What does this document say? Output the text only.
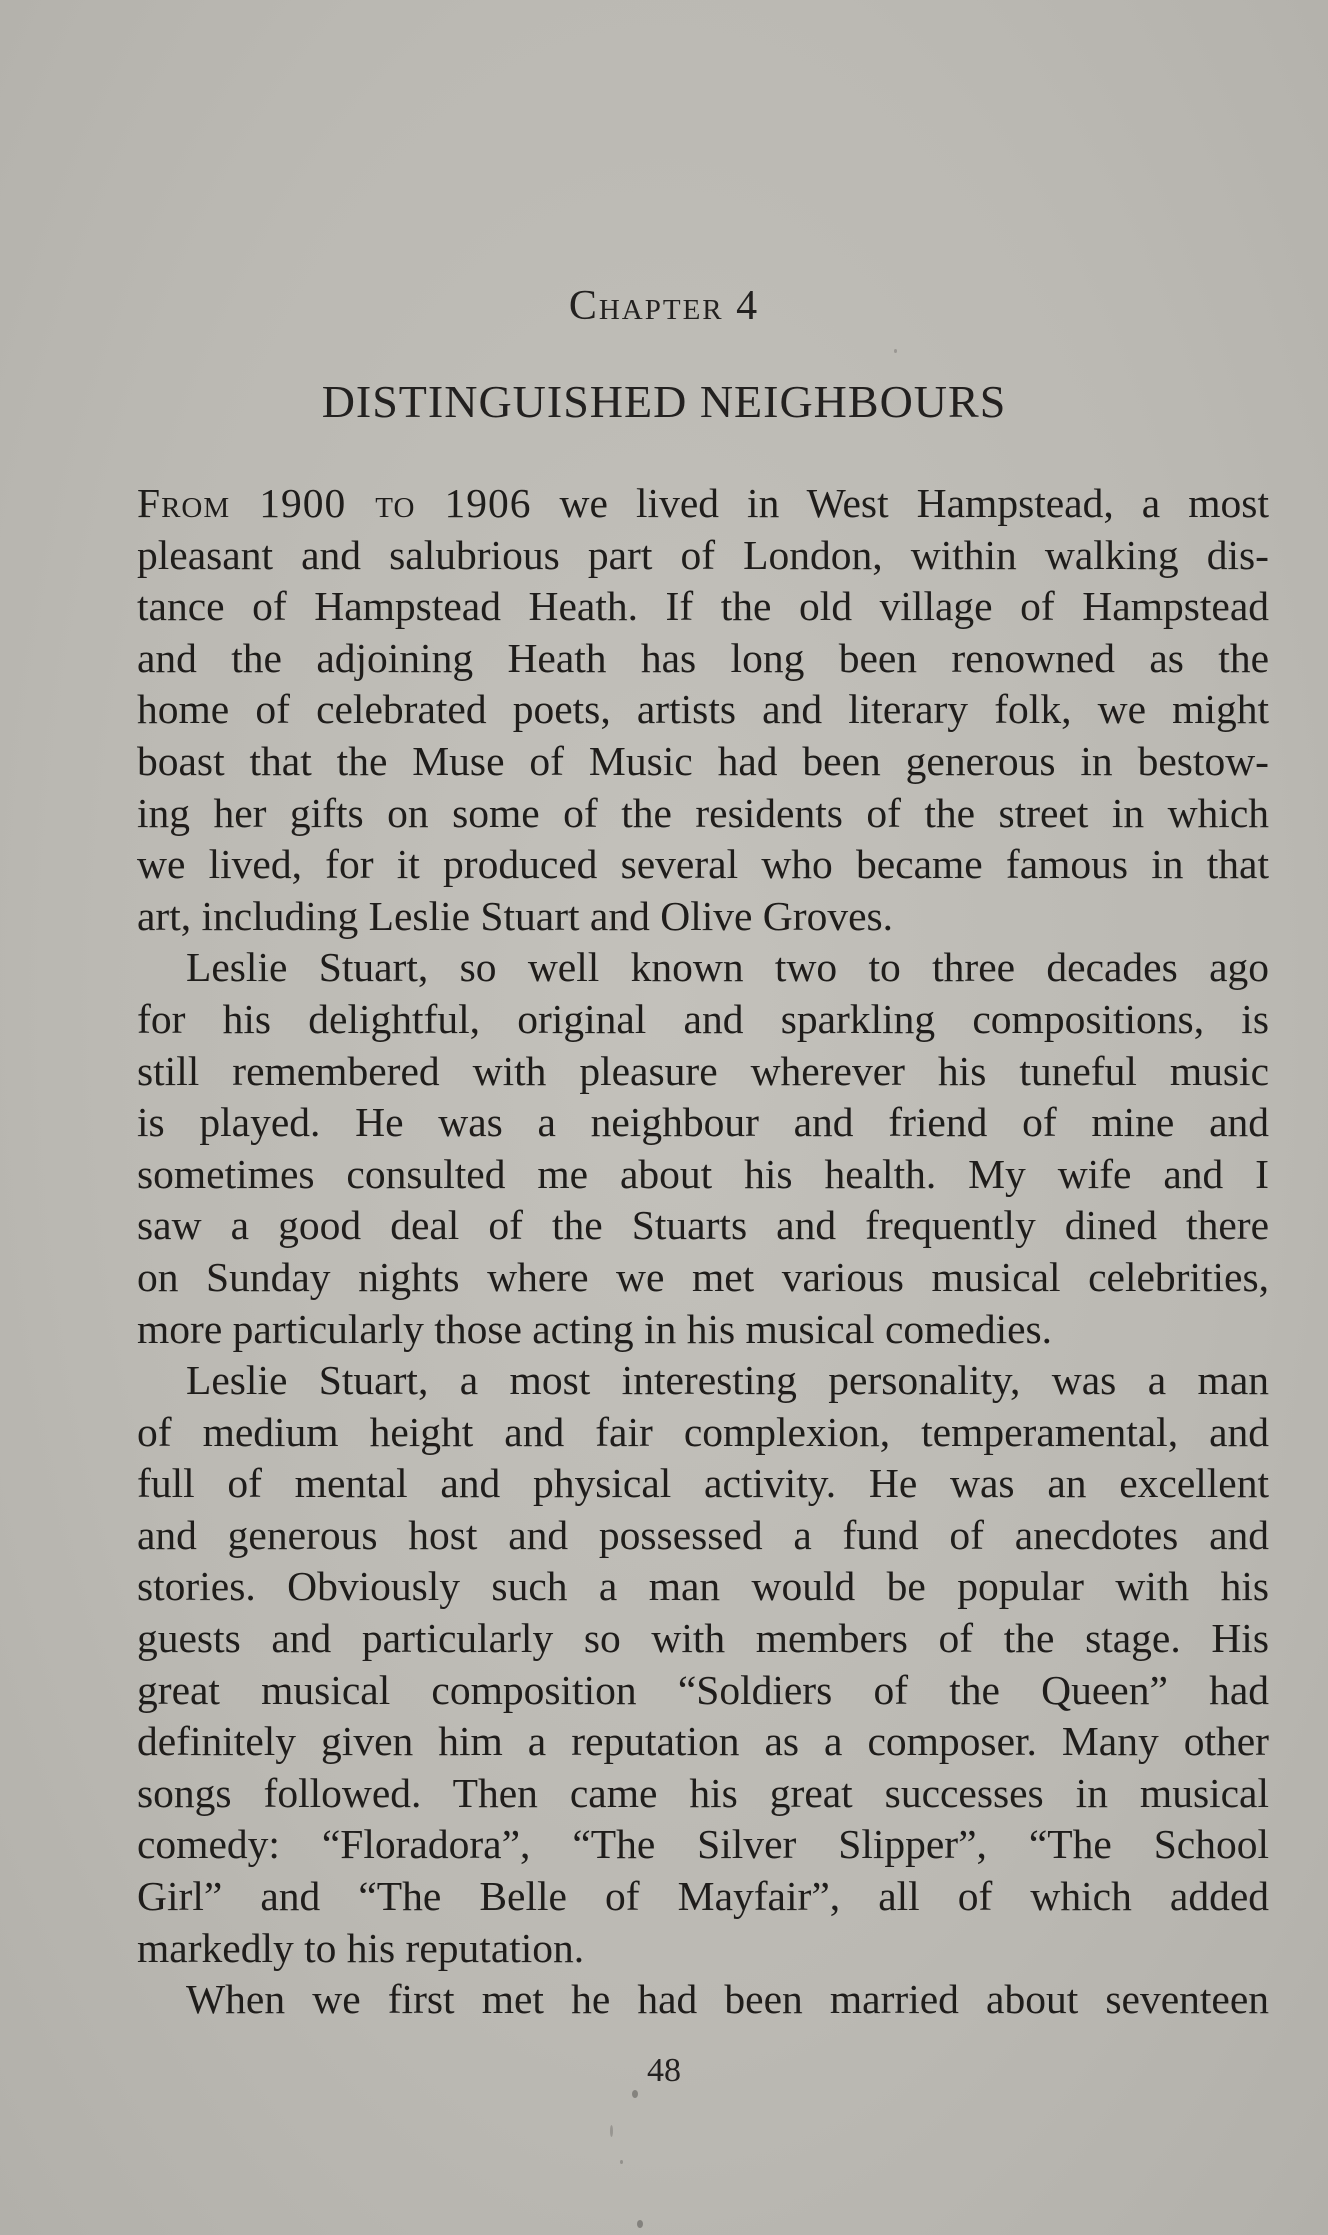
Chapter 4
DISTINGUISHED NEIGHBOURS
From 1900 to 1906 we lived in West Hampstead, a most
pleasant and salubrious part of London, within walking dis-
tance of Hampstead Heath. If the old village of Hampstead
and the adjoining Heath has long been renowned as the
home of celebrated poets, artists and literary folk, we might
boast that the Muse of Music had been generous in bestow-
ing her gifts on some of the residents of the street in which
we lived, for it produced several who became famous in that
art, including Leslie Stuart and Olive Groves.
Leslie Stuart, so well known two to three decades ago
for his delightful, original and sparkling compositions, is
still remembered with pleasure wherever his tuneful music
is played. He was a neighbour and friend of mine and
sometimes consulted me about his health. My wife and I
saw a good deal of the Stuarts and frequently dined there
on Sunday nights where we met various musical celebrities,
more particularly those acting in his musical comedies.
Leslie Stuart, a most interesting personality, was a man
of medium height and fair complexion, temperamental, and
full of mental and physical activity. He was an excellent
and generous host and possessed a fund of anecdotes and
stories. Obviously such a man would be popular with his
guests and particularly so with members of the stage. His
great musical composition “Soldiers of the Queen” had
definitely given him a reputation as a composer. Many other
songs followed. Then came his great successes in musical
comedy: “Floradora”, “The Silver Slipper”, “The School
Girl” and “The Belle of Mayfair”, all of which added
markedly to his reputation.
When we first met he had been married about seventeen
48
